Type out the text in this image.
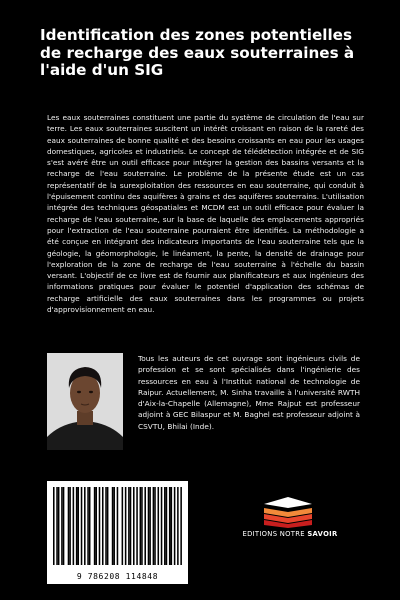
Identification des zones potentielles de recharge des eaux souterraines à l'aide d'un SIG

Les eaux souterraines constituent une partie du système de circulation de l'eau sur terre. Les eaux souterraines suscitent un intérêt croissant en raison de la rareté des eaux souterraines de bonne qualité et des besoins croissants en eau pour les usages domestiques, agricoles et industriels. Le concept de télédétection intégrée et de SIG s'est avéré être un outil efficace pour intégrer la gestion des bassins versants et la recharge de l'eau souterraine. Le problème de la présente étude est un cas représentatif de la surexploitation des ressources en eau souterraine, qui conduit à l'épuisement continu des aquifères à grains et des aquifères souterrains. L'utilisation intégrée des techniques géospatiales et MCDM est un outil efficace pour évaluer la recharge de l'eau souterraine, sur la base de laquelle des emplacements appropriés pour l'extraction de l'eau souterraine pourraient être identifiés. La méthodologie a été conçue en intégrant des indicateurs importants de l'eau souterraine tels que la géologie, la géomorphologie, le linéament, la pente, la densité de drainage pour l'exploration de la zone de recharge de l'eau souterraine à l'échelle du bassin versant. L'objectif de ce livre est de fournir aux planificateurs et aux ingénieurs des informations pratiques pour évaluer le potentiel d'application des schémas de recharge artificielle des eaux souterraines dans les programmes ou projets d'approvisionnement en eau.

Tous les auteurs de cet ouvrage sont ingénieurs civils de profession et se sont spécialisés dans l'ingénierie des ressources en eau à l'Institut national de technologie de Raipur. Actuellement, M. Sinha travaille à l'université RWTH d'Aix-la-Chapelle (Allemagne), Mme Rajput est professeur adjoint à GEC Bilaspur et M. Baghel est professeur adjoint à CSVTU, Bhilai (Inde).

9 786208 114848
EDITIONS NOTRE SAVOIR
